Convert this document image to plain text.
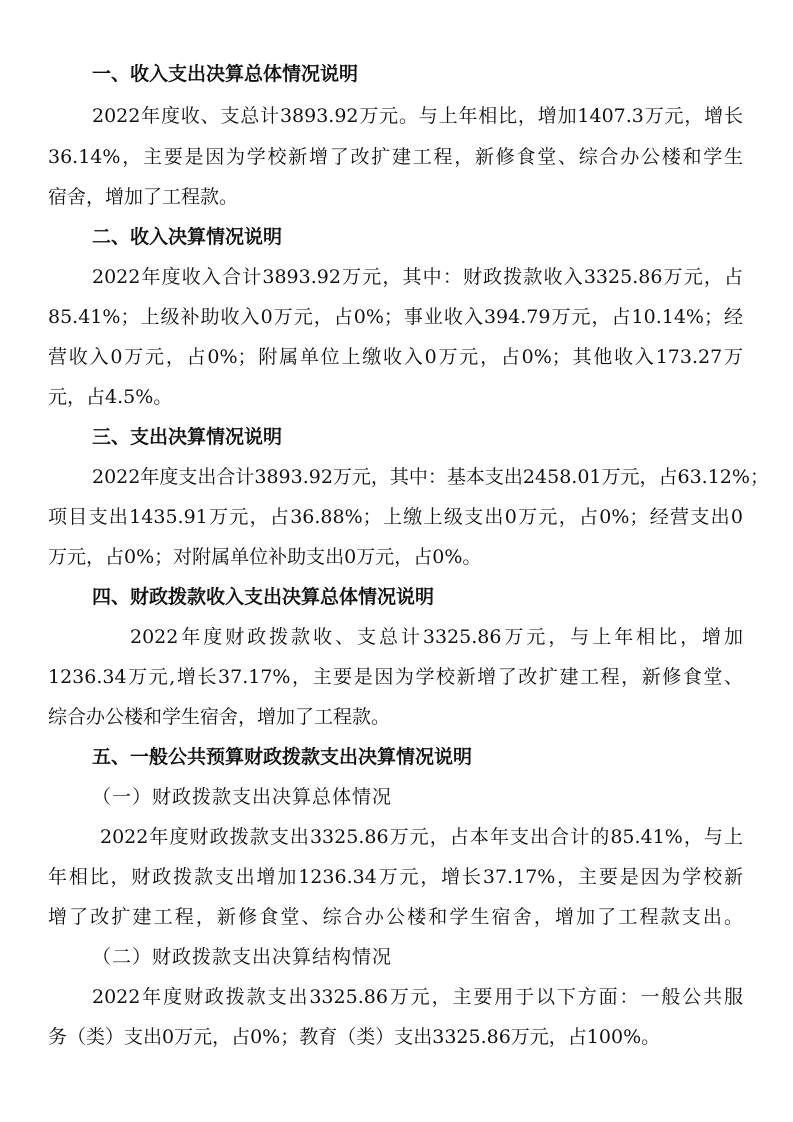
一、收入支出决算总体情况说明

2022年度收、支总计3893.92万元。与上年相比，增加1407.3万元，增长

36.14%，主要是因为学校新增了改扩建工程，新修食堂、综合办公楼和学生

宿舍，增加了工程款。

二、收入决算情况说明

2022年度收入合计3893.92万元，其中：财政拨款收入3325.86万元，占

85.41%；上级补助收入0万元，占0%；事业收入394.79万元，占10.14%；经

营收入0万元，占0%；附属单位上缴收入0万元，占0%；其他收入173.27万

元，占4.5%。

三、支出决算情况说明

2022年度支出合计3893.92万元，其中：基本支出2458.01万元，占63.12%；

项目支出1435.91万元，占36.88%；上缴上级支出0万元，占0%；经营支出0

万元，占0%；对附属单位补助支出0万元，占0%。

四、财政拨款收入支出决算总体情况说明

2022年度财政拨款收、支总计3325.86万元，与上年相比，增加

1236.34万元,增长37.17%，主要是因为学校新增了改扩建工程，新修食堂、

综合办公楼和学生宿舍，增加了工程款。

五、一般公共预算财政拨款支出决算情况说明

（一）财政拨款支出决算总体情况

2022年度财政拨款支出3325.86万元，占本年支出合计的85.41%，与上

年相比，财政拨款支出增加1236.34万元，增长37.17%，主要是因为学校新

增了改扩建工程，新修食堂、综合办公楼和学生宿舍，增加了工程款支出。

（二）财政拨款支出决算结构情况

2022年度财政拨款支出3325.86万元，主要用于以下方面：一般公共服

务（类）支出0万元，占0%；教育（类）支出3325.86万元，占100%。
